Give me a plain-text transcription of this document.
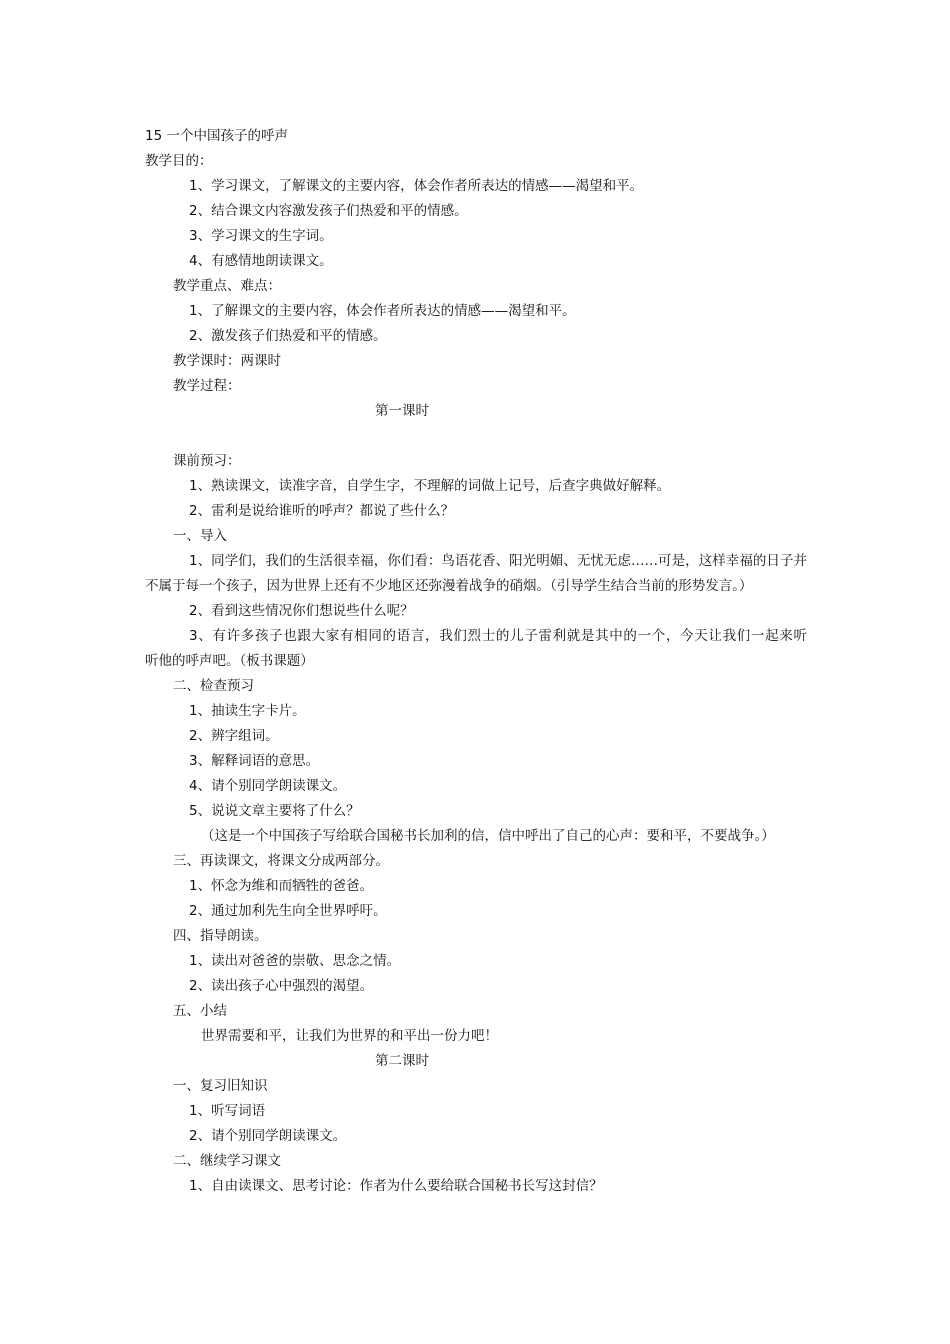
15 一个中国孩子的呼声
教学目的：
1、学习课文，了解课文的主要内容，体会作者所表达的情感——渴望和平。
2、结合课文内容激发孩子们热爱和平的情感。
3、学习课文的生字词。
4、有感情地朗读课文。
教学重点、难点：
1、了解课文的主要内容，体会作者所表达的情感——渴望和平。
2、激发孩子们热爱和平的情感。
教学课时：两课时
教学过程：
第一课时
课前预习：
1、熟读课文，读准字音，自学生字，不理解的词做上记号，后查字典做好解释。
2、雷利是说给谁听的呼声？都说了些什么？
一、导入
1、同学们，我们的生活很幸福，你们看：鸟语花香、阳光明媚、无忧无虑……可是，这样幸福的日子并
不属于每一个孩子，因为世界上还有不少地区还弥漫着战争的硝烟。（引导学生结合当前的形势发言。）
2、看到这些情况你们想说些什么呢？
3、有许多孩子也跟大家有相同的语言，我们烈士的儿子雷利就是其中的一个，今天让我们一起来听
听他的呼声吧。（板书课题）
二、检查预习
1、抽读生字卡片。
2、辨字组词。
3、解释词语的意思。
4、请个别同学朗读课文。
5、说说文章主要将了什么？
（这是一个中国孩子写给联合国秘书长加利的信，信中呼出了自己的心声：要和平，不要战争。）
三、再读课文，将课文分成两部分。
1、怀念为维和而牺牲的爸爸。
2、通过加利先生向全世界呼吁。
四、指导朗读。
1、读出对爸爸的崇敬、思念之情。
2、读出孩子心中强烈的渴望。
五、小结
世界需要和平，让我们为世界的和平出一份力吧！
第二课时
一、复习旧知识
1、听写词语
2、请个别同学朗读课文。
二、继续学习课文
1、自由读课文、思考讨论：作者为什么要给联合国秘书长写这封信？
